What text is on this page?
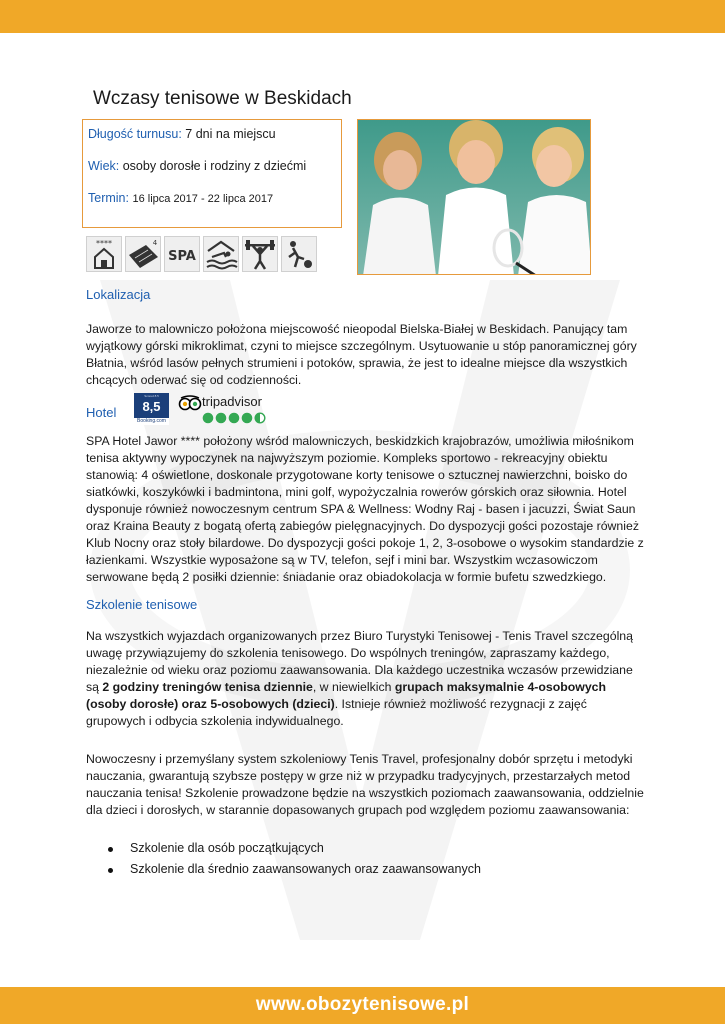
Wczasy tenisowe w Beskidach
Długość turnusu: 7 dni na miejscu
Wiek: osoby dorosłe i rodziny z dziećmi
Termin: 16 lipca 2017 - 22 lipca 2017
****	4
SPA
Lokalizacja
Jaworze to malowniczo położona miejscowość nieopodal Bielska-Białej w Beskidach. Panujący tam wyjątkowy górski mikroklimat, czyni to miejsce szczególnym. Usytuowanie u stóp panoramicznej góry Błatnia, wśród lasów pełnych strumieni i potoków, sprawia, że jest to idealne miejsce dla wszystkich chcących oderwać się od codzienności.
Hotel
Scored 8.5
8,5
Booking.com
tripadvisor
SPA Hotel Jawor **** położony wśród malowniczych, beskidzkich krajobrazów, umożliwia miłośnikom tenisa aktywny wypoczynek na najwyższym poziomie. Kompleks sportowo - rekreacyjny obiektu stanowią: 4 oświetlone, doskonale przygotowane korty tenisowe o sztucznej nawierzchni, boisko do siatkówki, koszykówki i badmintona, mini golf, wypożyczalnia rowerów górskich oraz siłownia. Hotel dysponuje również nowoczesnym centrum SPA & Wellness: Wodny Raj - basen i jacuzzi, Świat Saun oraz Kraina Beauty z bogatą ofertą zabiegów pielęgnacyjnych. Do dyspozycji gości pozostaje również Klub Nocny oraz stoły bilardowe. Do dyspozycji gości pokoje 1, 2, 3-osobowe o wysokim standardzie z łazienkami. Wszystkie wyposażone są w TV, telefon, sejf i mini bar. Wszystkim wczasowiczom serwowane będą 2 posiłki dziennie: śniadanie oraz obiadokolacja w formie bufetu szwedzkiego.
Szkolenie tenisowe
Na wszystkich wyjazdach organizowanych przez Biuro Turystyki Tenisowej - Tenis Travel szczególną uwagę przywiązujemy do szkolenia tenisowego. Do wspólnych treningów, zapraszamy każdego, niezależnie od wieku oraz poziomu zaawansowania. Dla każdego uczestnika wczasów przewidziane są 2 godziny treningów tenisa dziennie, w niewielkich grupach maksymalnie 4-osobowych (osoby dorosłe) oraz 5-osobowych (dzieci). Istnieje również możliwość rezygnacji z zajęć grupowych i odbycia szkolenia indywidualnego.
Nowoczesny i przemyślany system szkoleniowy Tenis Travel, profesjonalny dobór sprzętu i metodyki nauczania, gwarantują szybsze postępy w grze niż w przypadku tradycyjnych, przestarzałych metod nauczania tenisa! Szkolenie prowadzone będzie na wszystkich poziomach zaawansowania, oddzielnie dla dzieci i dorosłych, w starannie dopasowanych grupach pod względem poziomu zaawansowania:
Szkolenie dla osób początkujących
Szkolenie dla średnio zaawansowanych oraz zaawansowanych
www.obozytenisowe.pl
